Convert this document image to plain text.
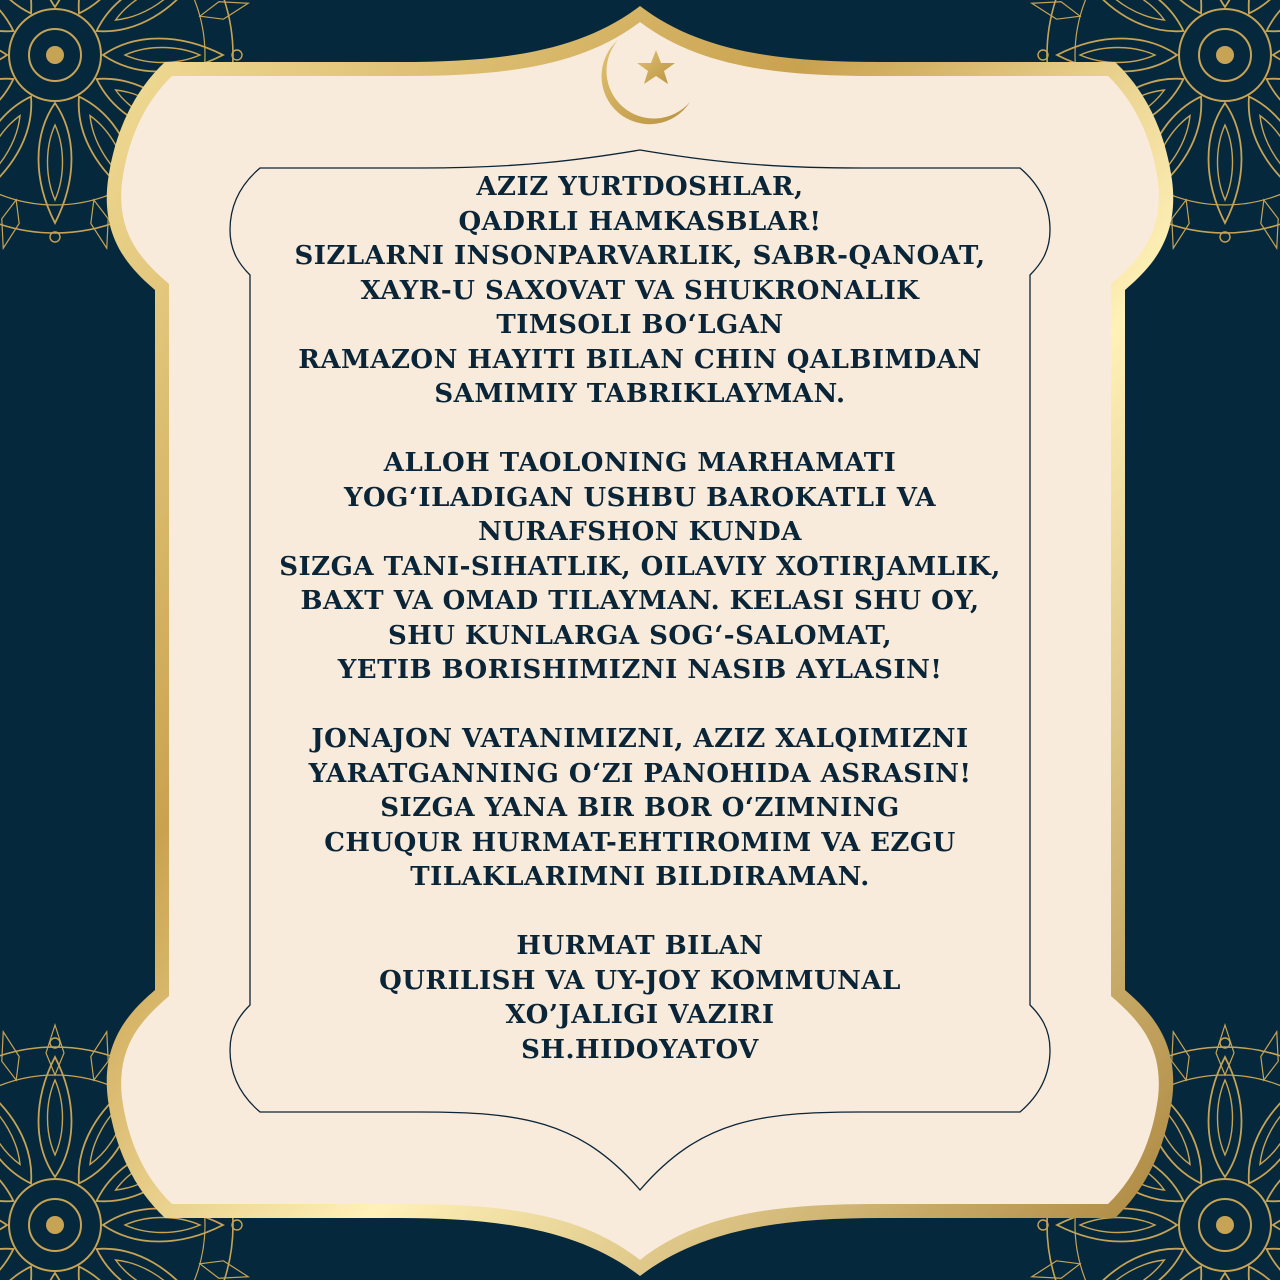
AZIZ YURTDOSHLAR,
QADRLI HAMKASBLAR!
SIZLARNI INSONPARVARLIK, SABR-QANOAT,
XAYR-U SAXOVAT VA SHUKRONALIK
TIMSOLI BO‘LGAN
RAMAZON HAYITI BILAN CHIN QALBIMDAN
SAMIMIY TABRIKLAYMAN.
ALLOH TAOLONING MARHAMATI
YOG‘ILADIGAN USHBU BAROKATLI VA
NURAFSHON KUNDA
SIZGA TANI-SIHATLIK, OILAVIY XOTIRJAMLIK,
BAXT VA OMAD TILAYMAN. KELASI SHU OY,
SHU KUNLARGA SOG‘-SALOMAT,
YETIB BORISHIMIZNI NASIB AYLASIN!
JONAJON VATANIMIZNI, AZIZ XALQIMIZNI
YARATGANNING O‘ZI PANOHIDA ASRASIN!
SIZGA YANA BIR BOR O‘ZIMNING
CHUQUR HURMAT-EHTIROMIM VA EZGU
TILAKLARIMNI BILDIRAMAN.
HURMAT BILAN
QURILISH VA UY-JOY KOMMUNAL
XO’JALIGI VAZIRI
SH.HIDOYATOV
